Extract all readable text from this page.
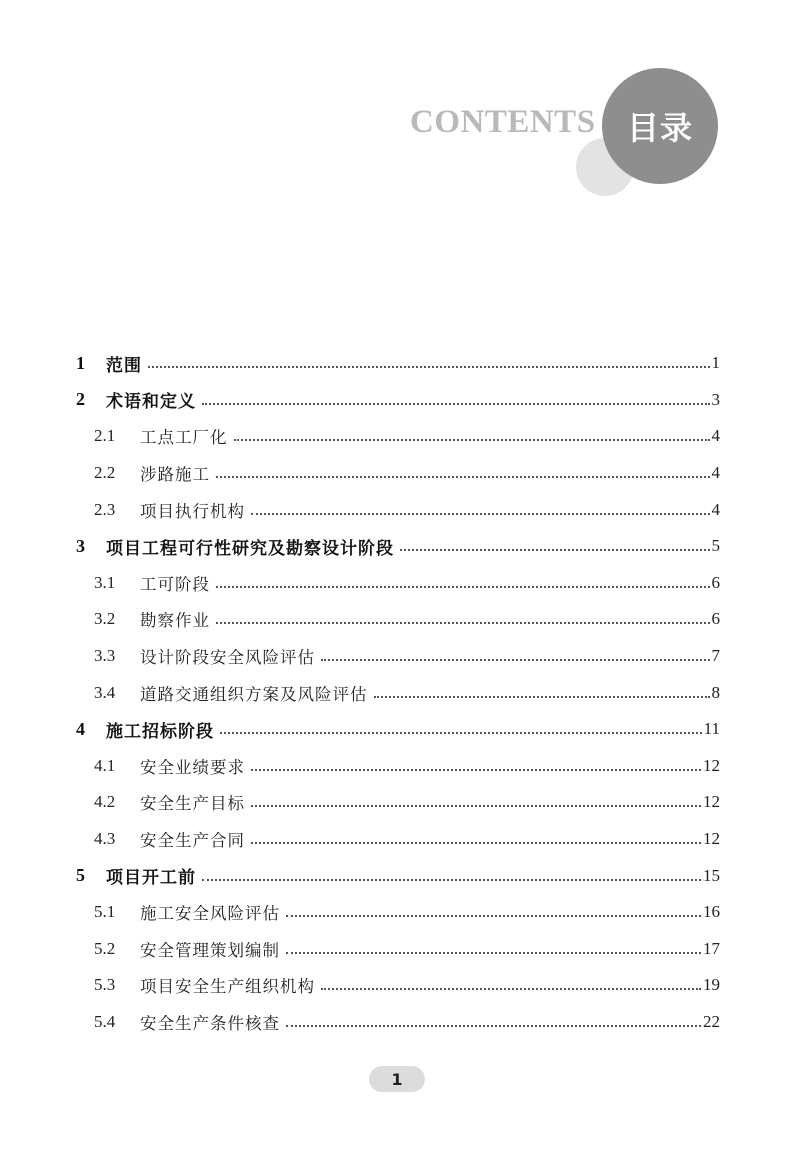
CONTENTS 目录
1	范围	1
2	术语和定义	3
2.1	工点工厂化	4
2.2	涉路施工	4
2.3	项目执行机构	4
3	项目工程可行性研究及勘察设计阶段	5
3.1	工可阶段	6
3.2	勘察作业	6
3.3	设计阶段安全风险评估	7
3.4	道路交通组织方案及风险评估	8
4	施工招标阶段	11
4.1	安全业绩要求	12
4.2	安全生产目标	12
4.3	安全生产合同	12
5	项目开工前	15
5.1	施工安全风险评估	16
5.2	安全管理策划编制	17
5.3	项目安全生产组织机构	19
5.4	安全生产条件核查	22
1
